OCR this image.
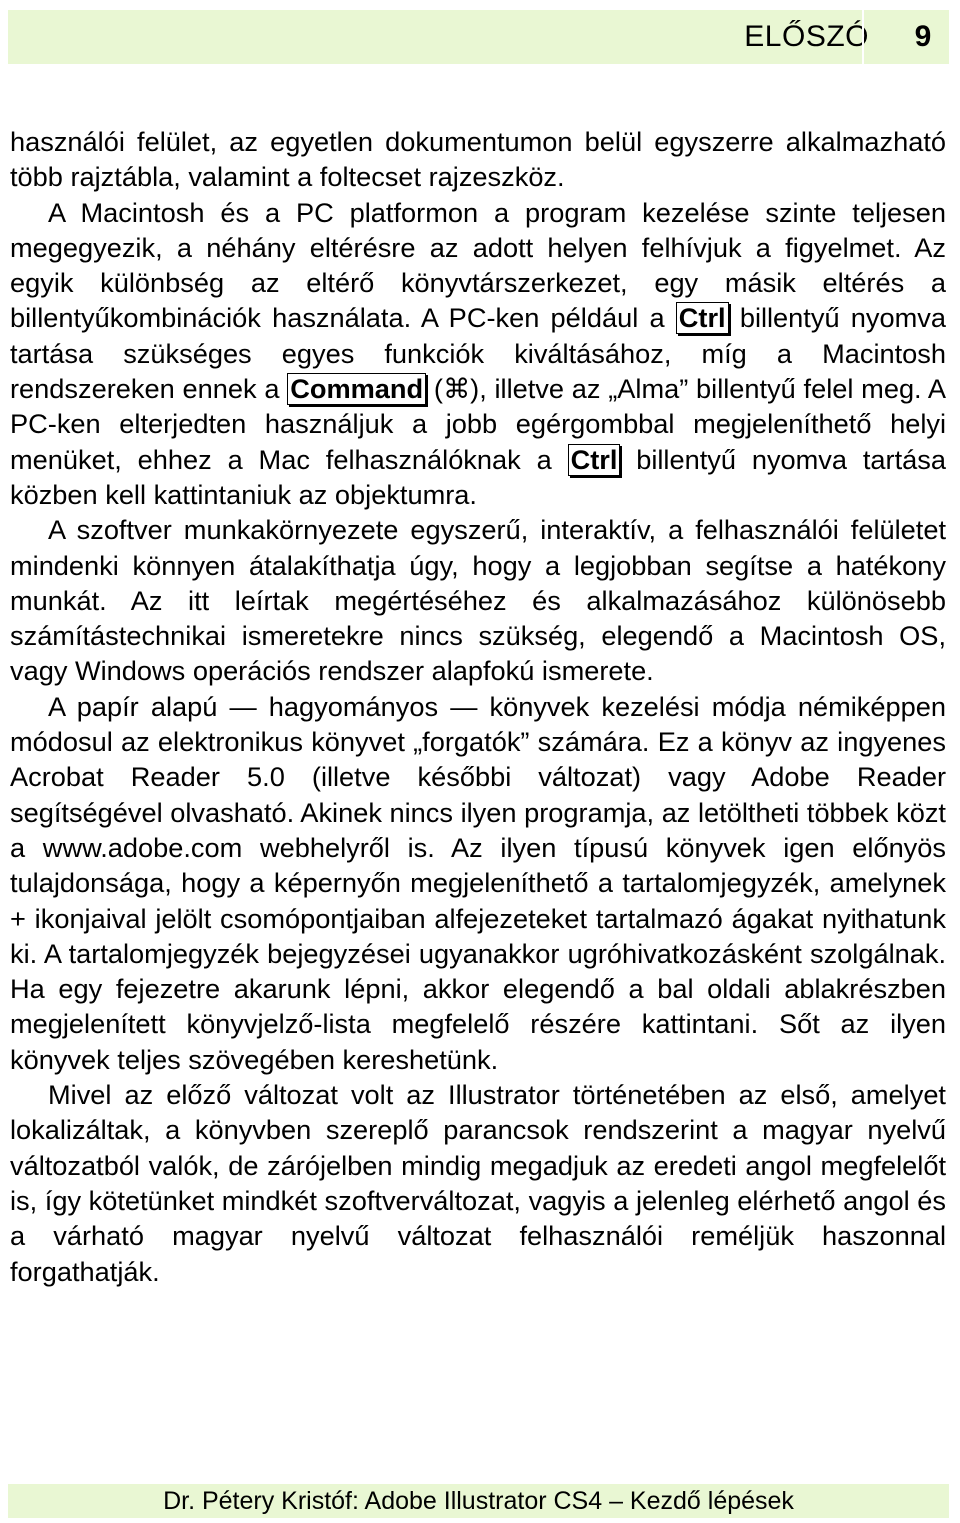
ELŐSZÓ	9

használói felület, az egyetlen dokumentumon belül egyszerre alkalmazható több rajztábla, valamint a foltecset rajzeszköz.

A Macintosh és a PC platformon a program kezelése szinte teljesen megegyezik, a néhány eltérésre az adott helyen felhívjuk a figyelmet. Az egyik különbség az eltérő könyvtárszerkezet, egy másik eltérés a billentyűkombinációk használata. A PC-ken például a Ctrl billentyű nyomva tartása szükséges egyes funkciók kiváltásához, míg a Macintosh rendszereken ennek a Command (⌘), illetve az „Alma” billentyű felel meg. A PC-ken elterjedten használjuk a jobb egérgombbal megjeleníthető helyi menüket, ehhez a Mac felhasználóknak a Ctrl billentyű nyomva tartása közben kell kattintaniuk az objektumra.

A szoftver munkakörnyezete egyszerű, interaktív, a felhasználói felületet mindenki könnyen átalakíthatja úgy, hogy a legjobban segítse a hatékony munkát. Az itt leírtak megértéséhez és alkalmazásához különösebb számítástechnikai ismeretekre nincs szükség, elegendő a Macintosh OS, vagy Windows operációs rendszer alapfokú ismerete.

A papír alapú — hagyományos — könyvek kezelési módja némiképpen módosul az elektronikus könyvet „forgatók” számára. Ez a könyv az ingyenes Acrobat Reader 5.0 (illetve későbbi változat) vagy Adobe Reader segítségével olvasható. Akinek nincs ilyen programja, az letöltheti többek közt a www.adobe.com webhelyről is. Az ilyen típusú könyvek igen előnyös tulajdonsága, hogy a képernyőn megjeleníthető a tartalomjegyzék, amelynek + ikonjaival jelölt csomópontjaiban alfejezeteket tartalmazó ágakat nyithatunk ki. A tartalomjegyzék bejegyzései ugyanakkor ugróhivatkozásként szolgálnak. Ha egy fejezetre akarunk lépni, akkor elegendő a bal oldali ablakrészben megjelenített könyvjelző-lista megfelelő részére kattintani. Sőt az ilyen könyvek teljes szövegében kereshetünk.

Mivel az előző változat volt az Illustrator történetében az első, amelyet lokalizáltak, a könyvben szereplő parancsok rendszerint a magyar nyelvű változatból valók, de zárójelben mindig megadjuk az eredeti angol megfelelőt is, így kötetünket mindkét szoftverváltozat, vagyis a jelenleg elérhető angol és a várható magyar nyelvű változat felhasználói reméljük haszonnal forgathatják.

Dr. Pétery Kristóf: Adobe Illustrator CS4 – Kezdő lépések
